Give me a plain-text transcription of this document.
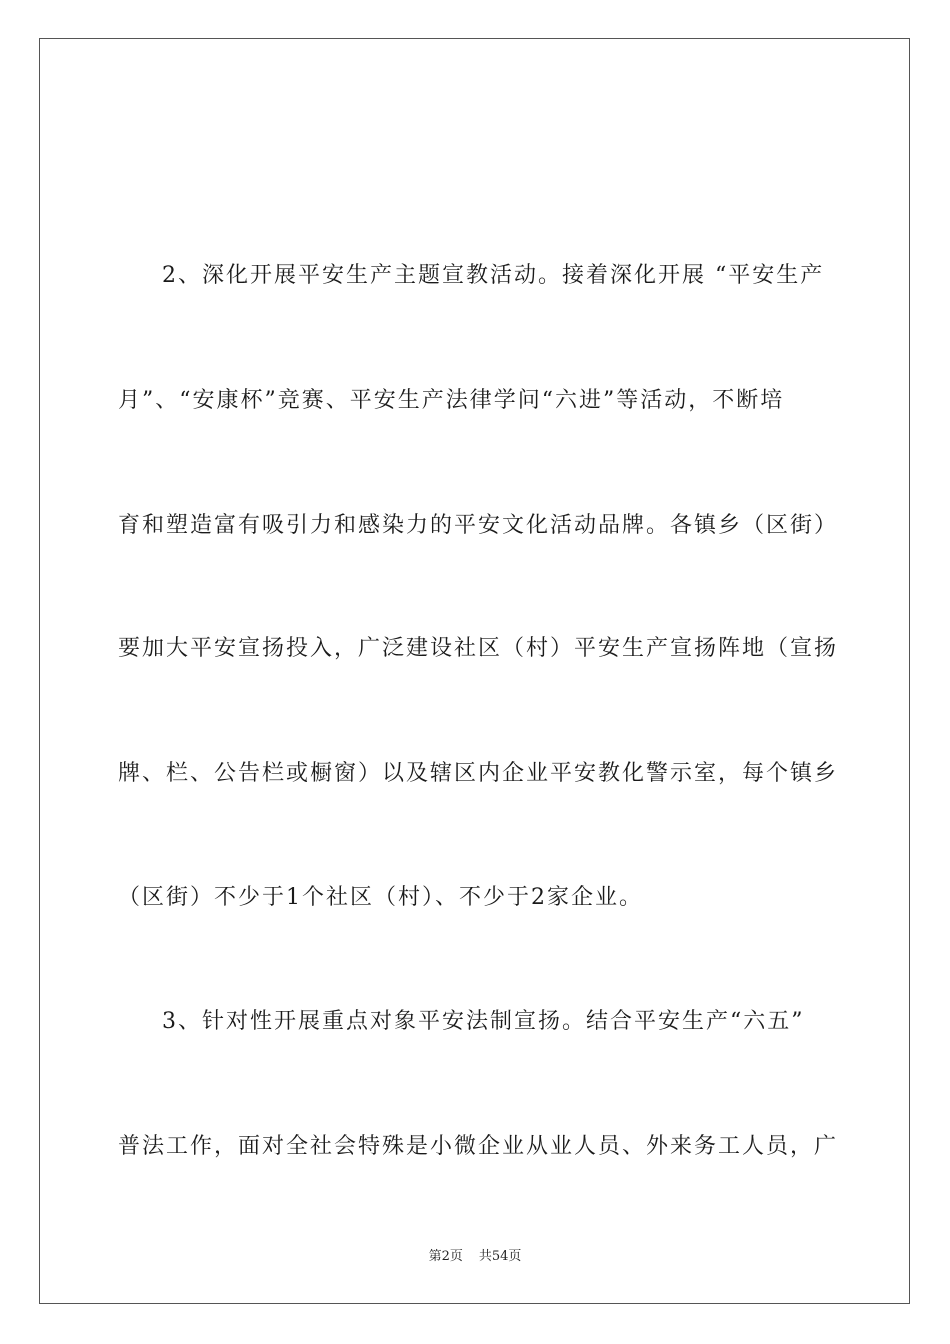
2、深化开展平安生产主题宣教活动。接着深化开展 “平安生产
月”、“安康杯”竞赛、平安生产法律学问“六进”等活动，不断培
育和塑造富有吸引力和感染力的平安文化活动品牌。各镇乡（区街）
要加大平安宣扬投入，广泛建设社区（村）平安生产宣扬阵地（宣扬
牌、栏、公告栏或橱窗）以及辖区内企业平安教化警示室，每个镇乡
（区街）不少于1个社区（村）、不少于2家企业。
3、针对性开展重点对象平安法制宣扬。结合平安生产“六五”
普法工作，面对全社会特殊是小微企业从业人员、外来务工人员，广
第2页 共54页
